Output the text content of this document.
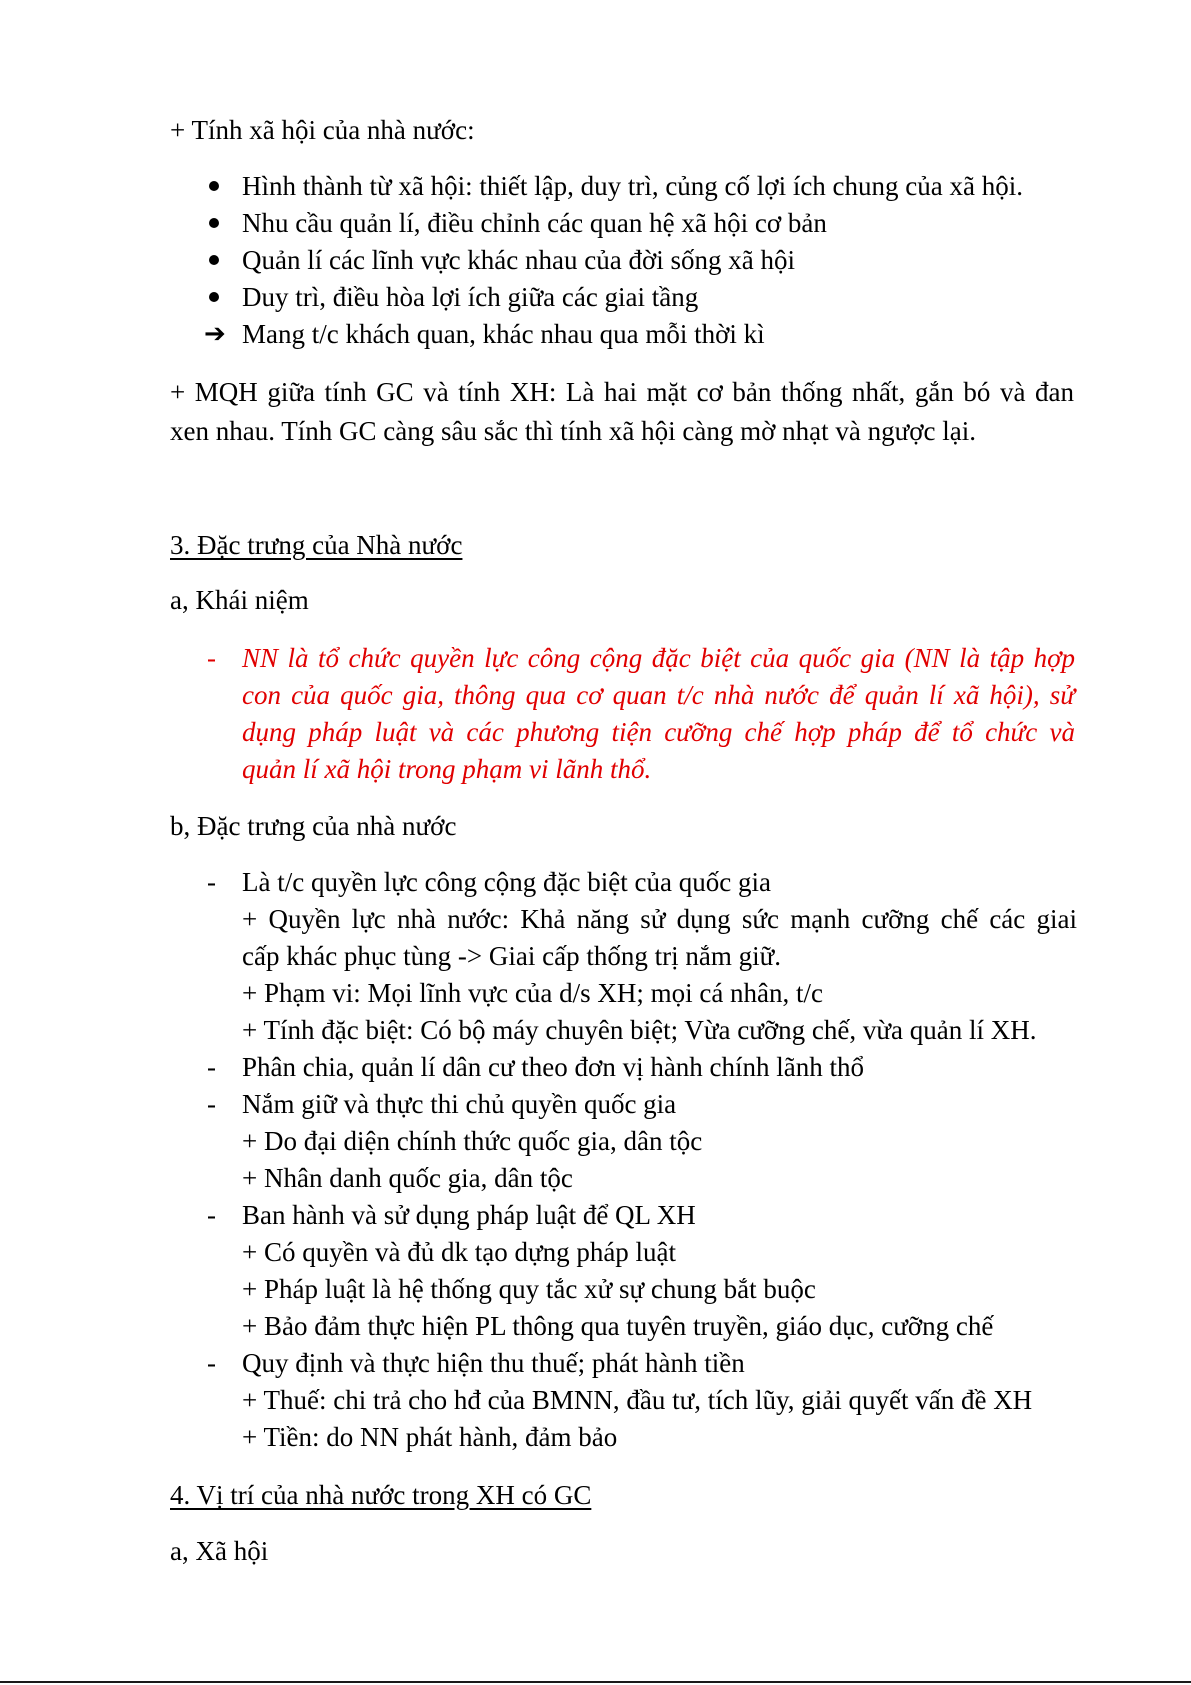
+ Tính xã hội của nhà nước:

Hình thành từ xã hội: thiết lập, duy trì, củng cố lợi ích chung của xã hội.

Nhu cầu quản lí, điều chỉnh các quan hệ xã hội cơ bản

Quản lí các lĩnh vực khác nhau của đời sống xã hội

Duy trì, điều hòa lợi ích giữa các giai tầng

➔ Mang t/c khách quan, khác nhau qua mỗi thời kì

+ MQH giữa tính GC và tính XH: Là hai mặt cơ bản thống nhất, gắn bó và đan

xen nhau. Tính GC càng sâu sắc thì tính xã hội càng mờ nhạt và ngược lại.

3. Đặc trưng của Nhà nước

a, Khái niệm

- NN là tổ chức quyền lực công cộng đặc biệt của quốc gia (NN là tập hợp

con của quốc gia, thông qua cơ quan t/c nhà nước để quản lí xã hội), sử

dụng pháp luật và các phương tiện cưỡng chế hợp pháp để tổ chức và

quản lí xã hội trong phạm vi lãnh thổ.

b, Đặc trưng của nhà nước

- Là t/c quyền lực công cộng đặc biệt của quốc gia

+ Quyền lực nhà nước: Khả năng sử dụng sức mạnh cưỡng chế các giai

cấp khác phục tùng -> Giai cấp thống trị nắm giữ.

+ Phạm vi: Mọi lĩnh vực của d/s XH; mọi cá nhân, t/c

+ Tính đặc biệt: Có bộ máy chuyên biệt; Vừa cưỡng chế, vừa quản lí XH.

- Phân chia, quản lí dân cư theo đơn vị hành chính lãnh thổ

- Nắm giữ và thực thi chủ quyền quốc gia

+ Do đại diện chính thức quốc gia, dân tộc

+ Nhân danh quốc gia, dân tộc

- Ban hành và sử dụng pháp luật để QL XH

+ Có quyền và đủ dk tạo dựng pháp luật

+ Pháp luật là hệ thống quy tắc xử sự chung bắt buộc

+ Bảo đảm thực hiện PL thông qua tuyên truyền, giáo dục, cưỡng chế

- Quy định và thực hiện thu thuế; phát hành tiền

+ Thuế: chi trả cho hđ của BMNN, đầu tư, tích lũy, giải quyết vấn đề XH

+ Tiền: do NN phát hành, đảm bảo

4. Vị trí của nhà nước trong XH có GC

a, Xã hội
